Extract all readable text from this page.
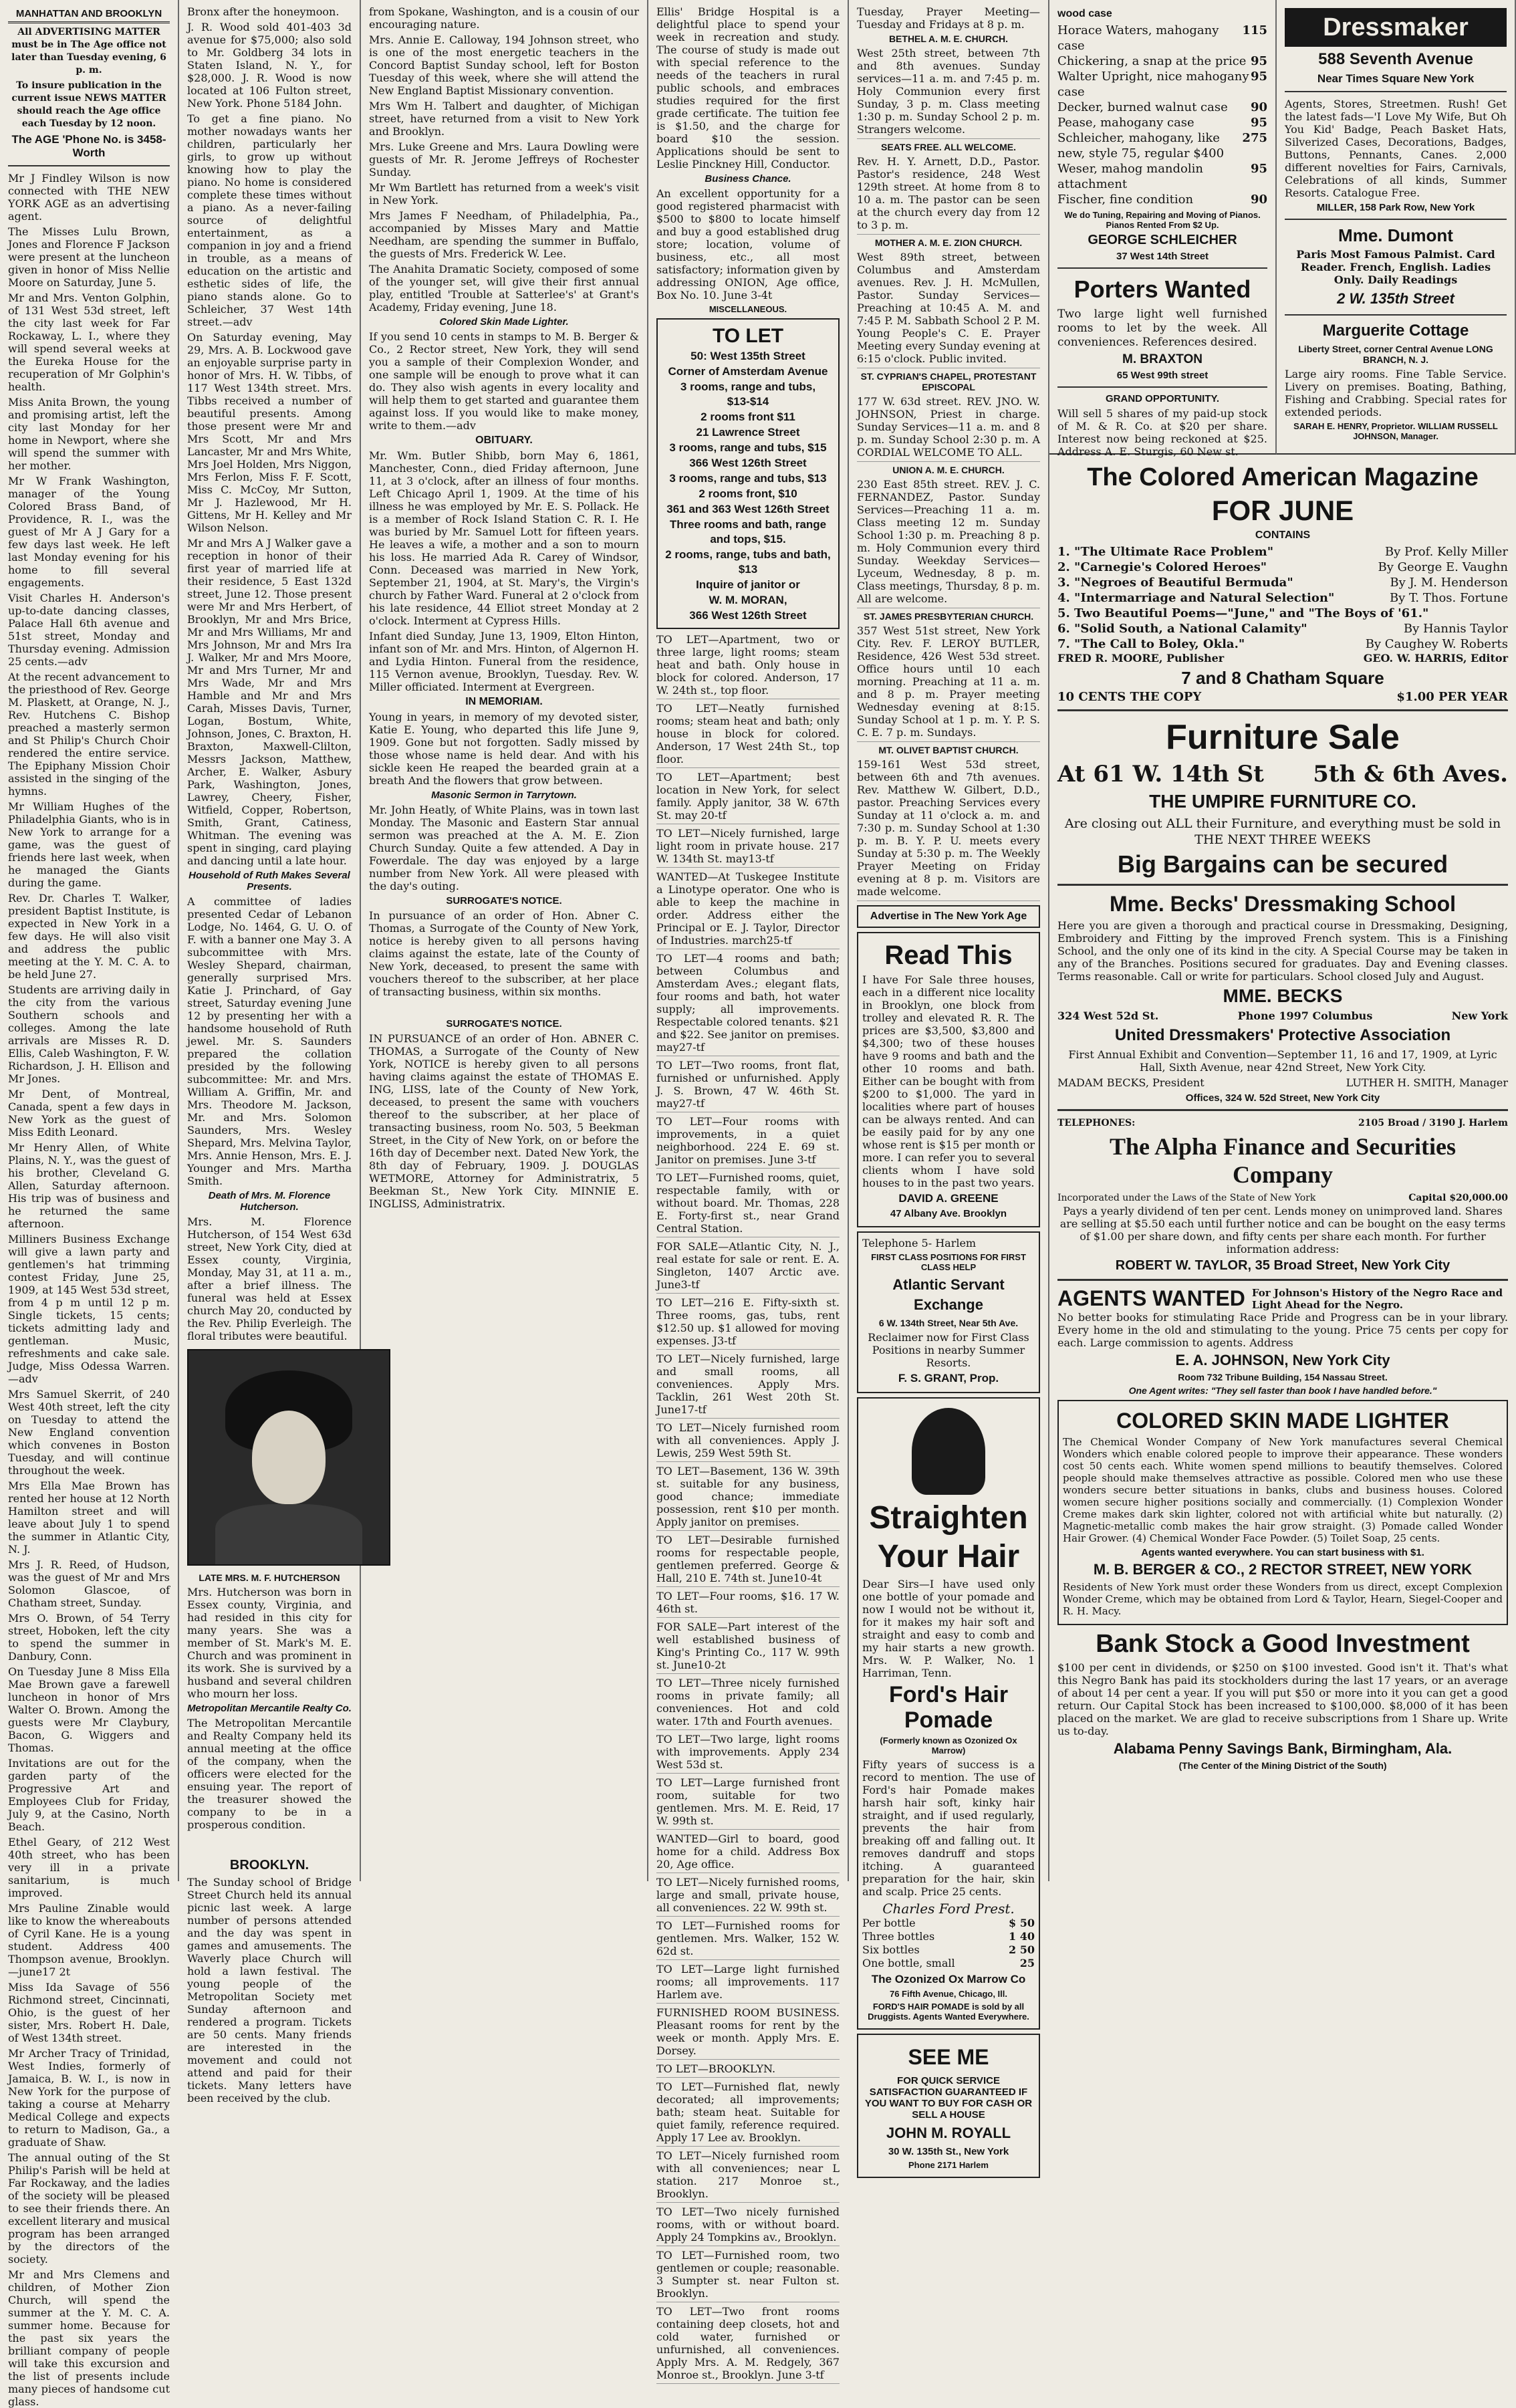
MANHATTAN AND BROOKLYN

All ADVERTISING MATTER must be in The Age office not later than Tuesday evening, 6 p. m.

To insure publication in the current issue NEWS MATTER should reach the Age office each Tuesday by 12 noon.

The AGE 'Phone No. is 3458-Worth

Mr J Findley Wilson is now connected with THE NEW YORK AGE as an advertising agent.

The Misses Lulu Brown, Jones and Florence F Jackson were present at the luncheon given in honor of Miss Nellie Moore on Saturday, June 5.

Mr and Mrs. Venton Golphin, of 131 West 53d street, left the city last week for Far Rockaway, L. I., where they will spend several weeks at the Eureka House for the recuperation of Mr Golphin's health.

Miss Anita Brown, the young and promising artist, left the city last Monday for her home in Newport, where she will spend the summer with her mother.

Mr W Frank Washington, manager of the Young Colored Brass Band, of Providence, R. I., was the guest of Mr A J Gary for a few days last week. He left last Monday evening for his home to fill several engagements.

Visit Charles H. Anderson's up-to-date dancing classes, Palace Hall 6th avenue and 51st street, Monday and Thursday evening. Admission 25 cents.—adv

At the recent advancement to the priesthood of Rev. George M. Plaskett, at Orange, N. J., Rev. Hutchens C. Bishop preached a masterly sermon and St Philip's Church Choir rendered the entire service. The Epiphany Mission Choir assisted in the singing of the hymns.

Mr William Hughes of the Philadelphia Giants, who is in New York to arrange for a game, was the guest of friends here last week, when he managed the Giants during the game.

Rev. Dr. Charles T. Walker, president Baptist Institute, is expected in New York in a few days. He will also visit and address the public meeting at the Y. M. C. A. to be held June 27.

Students are arriving daily in the city from the various Southern schools and colleges. Among the late arrivals are Misses R. D. Ellis, Caleb Washington, F. W. Richardson, J. H. Ellison and Mr Jones.

Mr Dent, of Montreal, Canada, spent a few days in New York as the guest of Miss Edith Leonard.

Mr Henry Allen, of White Plains, N. Y., was the guest of his brother, Cleveland G. Allen, Saturday afternoon. His trip was of business and he returned the same afternoon.

Milliners Business Exchange will give a lawn party and gentlemen's hat trimming contest Friday, June 25, 1909, at 145 West 53d street, from 4 p m until 12 p m. Single tickets, 15 cents; tickets admitting lady and gentleman. Music, refreshments and cake sale. Judge, Miss Odessa Warren.—adv

Mrs Samuel Skerrit, of 240 West 40th street, left the city on Tuesday to attend the New England convention which convenes in Boston Tuesday, and will continue throughout the week.

Mrs Ella Mae Brown has rented her house at 12 North Hamilton street and will leave about July 1 to spend the summer in Atlantic City, N. J.

Mrs J. R. Reed, of Hudson, was the guest of Mr and Mrs Solomon Glascoe, of Chatham street, Sunday.

Mrs O. Brown, of 54 Terry street, Hoboken, left the city to spend the summer in Danbury, Conn.

On Tuesday June 8 Miss Ella Mae Brown gave a farewell luncheon in honor of Mrs Walter O. Brown. Among the guests were Mr Claybury, Bacon, G. Wiggers and Thomas.

Invitations are out for the garden party of the Progressive Art and Employees Club for Friday, July 9, at the Casino, North Beach.

Ethel Geary, of 212 West 40th street, who has been very ill in a private sanitarium, is much improved.

Mrs Pauline Zinable would like to know the whereabouts of Cyril Kane. He is a young student. Address 400 Thompson avenue, Brooklyn.—june17 2t

Miss Ida Savage of 556 Richmond street, Cincinnati, Ohio, is the guest of her sister, Mrs. Robert H. Dale, of West 134th street.

Mr Archer Tracy of Trinidad, West Indies, formerly of Jamaica, B. W. I., is now in New York for the purpose of taking a course at Meharry Medical College and expects to return to Madison, Ga., a graduate of Shaw.

The annual outing of the St Philip's Parish will be held at Far Rockaway, and the ladies of the society will be pleased to see their friends there. An excellent literary and musical program has been arranged by the directors of the society.

Mr and Mrs Clemens and children, of Mother Zion Church, will spend the summer at the Y. M. C. A. summer home. Because for the past six years the brilliant company of people will take this excursion and the list of presents include many pieces of handsome cut glass.

Bronx after the honeymoon.

J. R. Wood sold 401-403 3d avenue for $75,000; also sold to Mr. Goldberg 34 lots in Staten Island, N. Y., for $28,000. J. R. Wood is now located at 106 Fulton street, New York. Phone 5184 John.

To get a fine piano. No mother nowadays wants her children, particularly her girls, to grow up without knowing how to play the piano. No home is considered complete these times without a piano. As a never-failing source of delightful entertainment, as a companion in joy and a friend in trouble, as a means of education on the artistic and esthetic sides of life, the piano stands alone. Go to Schleicher, 37 West 14th street.—adv

On Saturday evening, May 29, Mrs. A. B. Lockwood gave an enjoyable surprise party in honor of Mrs. H. W. Tibbs, of 117 West 134th street. Mrs. Tibbs received a number of beautiful presents. Among those present were Mr and Mrs Scott, Mr and Mrs Lancaster, Mr and Mrs White, Mrs Joel Holden, Mrs Niggon, Mrs Ferlon, Miss F. F. Scott, Miss C. McCoy, Mr Sutton, Mr J. Hazlewood, Mr H. Gittens, Mr H. Kelley and Mr Wilson Nelson.

Mr and Mrs A J Walker gave a reception in honor of their first year of married life at their residence, 5 East 132d street, June 12. Those present were Mr and Mrs Herbert, of Brooklyn, Mr and Mrs Brice, Mr and Mrs Williams, Mr and Mrs Johnson, Mr and Mrs Ira J. Walker, Mr and Mrs Moore, Mr and Mrs Turner, Mr and Mrs Wade, Mr and Mrs Hamble and Mr and Mrs Carah, Misses Davis, Turner, Logan, Bostum, White, Johnson, Jones, C. Braxton, H. Braxton, Maxwell-Clilton, Messrs Jackson, Matthew, Archer, E. Walker, Asbury Park, Washington, Jones, Lawrey, Cheery, Fisher, Witfield, Copper, Robertson, Smith, Grant, Catiness, Whitman. The evening was spent in singing, card playing and dancing until a late hour.

Household of Ruth Makes Several Presents.

A committee of ladies presented Cedar of Lebanon Lodge, No. 1464, G. U. O. of F. with a banner one May 3. A subcommittee with Mrs. Wesley Shepard, chairman, generally surprised Mrs. Katie J. Princhard, of Gay street, Saturday evening June 12 by presenting her with a handsome household of Ruth jewel. Mr. S. Saunders prepared the collation presided by the following subcommittee: Mr. and Mrs. William A. Griffin, Mr. and Mrs. Theodore M. Jackson, Mr. and Mrs. Solomon Saunders, Mrs. Wesley Shepard, Mrs. Melvina Taylor, Mrs. Annie Henson, Mrs. E. J. Younger and Mrs. Martha Smith.

Death of Mrs. M. Florence Hutcherson.

Mrs. M. Florence Hutcherson, of 154 West 63d street, New York City, died at Essex county, Virginia, Monday, May 31, at 11 a. m., after a brief illness. The funeral was held at Essex church May 20, conducted by the Rev. Philip Everleigh. The floral tributes were beautiful.

LATE MRS. M. F. HUTCHERSON

Mrs. Hutcherson was born in Essex county, Virginia, and had resided in this city for many years. She was a member of St. Mark's M. E. Church and was prominent in its work. She is survived by a husband and several children who mourn her loss.

Metropolitan Mercantile Realty Co.

The Metropolitan Mercantile and Realty Company held its annual meeting at the office of the company, when the officers were elected for the ensuing year. The report of the treasurer showed the company to be in a prosperous condition.

BROOKLYN.

The Sunday school of Bridge Street Church held its annual picnic last week. A large number of persons attended and the day was spent in games and amusements. The Waverly place Church will hold a lawn festival. The young people of the Metropolitan Society met Sunday afternoon and rendered a program. Tickets are 50 cents. Many friends are interested in the movement and could not attend and paid for their tickets. Many letters have been received by the club.

from Spokane, Washington, and is a cousin of our encouraging nature.

Mrs. Annie E. Calloway, 194 Johnson street, who is one of the most energetic teachers in the Concord Baptist Sunday school, left for Boston Tuesday of this week, where she will attend the New England Baptist Missionary convention.

Mrs Wm H. Talbert and daughter, of Michigan street, have returned from a visit to New York and Brooklyn.

Mrs. Luke Greene and Mrs. Laura Dowling were guests of Mr. R. Jerome Jeffreys of Rochester Sunday.

Mr Wm Bartlett has returned from a week's visit in New York.

Mrs James F Needham, of Philadelphia, Pa., accompanied by Misses Mary and Mattie Needham, are spending the summer in Buffalo, the guests of Mrs. Frederick W. Lee.

The Anahita Dramatic Society, composed of some of the younger set, will give their first annual play, entitled 'Trouble at Satterlee's' at Grant's Academy, Friday evening, June 18.

Colored Skin Made Lighter.

If you send 10 cents in stamps to M. B. Berger & Co., 2 Rector street, New York, they will send you a sample of their Complexion Wonder, and one sample will be enough to prove what it can do. They also wish agents in every locality and will help them to get started and guarantee them against loss. If you would like to make money, write to them.—adv

OBITUARY.

Mr. Wm. Butler Shibb, born May 6, 1861, Manchester, Conn., died Friday afternoon, June 11, at 3 o'clock, after an illness of four months. Left Chicago April 1, 1909. At the time of his illness he was employed by Mr. E. S. Pollack. He is a member of Rock Island Station C. R. I. He was buried by Mr. Samuel Lott for fifteen years. He leaves a wife, a mother and a son to mourn his loss. He married Ada R. Carey of Windsor, Conn. Deceased was married in New York, September 21, 1904, at St. Mary's, the Virgin's church by Father Ward. Funeral at 2 o'clock from his late residence, 44 Elliot street Monday at 2 o'clock. Interment at Cypress Hills.

Infant died Sunday, June 13, 1909, Elton Hinton, infant son of Mr. and Mrs. Hinton, of Algernon H. and Lydia Hinton. Funeral from the residence, 115 Vernon avenue, Brooklyn, Tuesday. Rev. W. Miller officiated. Interment at Evergreen.

IN MEMORIAM.

Young in years, in memory of my devoted sister, Katie E. Young, who departed this life June 9, 1909. Gone but not forgotten. Sadly missed by those whose name is held dear. And with his sickle keen He reaped the bearded grain at a breath And the flowers that grow between.

Masonic Sermon in Tarrytown.

Mr. John Heatly, of White Plains, was in town last Monday. The Masonic and Eastern Star annual sermon was preached at the A. M. E. Zion Church Sunday. Quite a few attended. A Day in Fowerdale. The day was enjoyed by a large number from New York. All were pleased with the day's outing.

SURROGATE'S NOTICE.

In pursuance of an order of Hon. Abner C. Thomas, a Surrogate of the County of New York, notice is hereby given to all persons having claims against the estate, late of the County of New York, deceased, to present the same with vouchers thereof to the subscriber, at her place of transacting business, within six months.

SURROGATE'S NOTICE.

IN PURSUANCE of an order of Hon. ABNER C. THOMAS, a Surrogate of the County of New York, NOTICE is hereby given to all persons having claims against the estate of THOMAS E. ING, LISS, late of the County of New York, deceased, to present the same with vouchers thereof to the subscriber, at her place of transacting business, room No. 503, 5 Beekman Street, in the City of New York, on or before the 16th day of December next. Dated New York, the 8th day of February, 1909. J. DOUGLAS WETMORE, Attorney for Administratrix, 5 Beekman St., New York City. MINNIE E. INGLISS, Administratrix.

Ellis' Bridge Hospital is a delightful place to spend your week in recreation and study. The course of study is made out with special reference to the needs of the teachers in rural public schools, and embraces studies required for the first grade certificate. The tuition fee is $1.50, and the charge for board $10 the session. Applications should be sent to Leslie Pinckney Hill, Conductor.

Business Chance.

An excellent opportunity for a good registered pharmacist with $500 to $800 to locate himself and buy a good established drug store; location, volume of business, etc., all most satisfactory; information given by addressing ONION, Age office, Box No. 10. June 3-4t

MISCELLANEOUS.
TO LET
50: West 135th Street
Corner of Amsterdam Avenue
3 rooms, range and tubs, $13-$14
2 rooms front $11
21 Lawrence Street
3 rooms, range and tubs, $15
366 West 126th Street
3 rooms, range and tubs, $13
2 rooms front, $10
361 and 363 West 126th Street
Three rooms and bath, range and tops, $15.
2 rooms, range, tubs and bath, $13
Inquire of janitor or
W. M. MORAN,
366 West 126th Street

TO LET—Apartment, two or three large, light rooms; steam heat and bath. Only house in block for colored. Anderson, 17 W. 24th st., top floor.

TO LET—Neatly furnished rooms; steam heat and bath; only house in block for colored. Anderson, 17 West 24th St., top floor.

TO LET—Apartment; best location in New York, for select family. Apply janitor, 38 W. 67th St. may 20-tf

TO LET—Nicely furnished, large light room in private house. 217 W. 134th St. may13-tf

WANTED—At Tuskegee Institute a Linotype operator. One who is able to keep the machine in order. Address either the Principal or E. J. Taylor, Director of Industries. march25-tf

TO LET—4 rooms and bath; between Columbus and Amsterdam Aves.; elegant flats, four rooms and bath, hot water supply; all improvements. Respectable colored tenants. $21 and $22. See janitor on premises. may27-tf

TO LET—Two rooms, front flat, furnished or unfurnished. Apply J. S. Brown, 47 W. 46th St. may27-tf

TO LET—Four rooms with improvements, in a quiet neighborhood. 224 E. 69 st. Janitor on premises. June 3-tf

TO LET—Furnished rooms, quiet, respectable family, with or without board. Mr. Thomas, 228 E. Forty-first st., near Grand Central Station.

FOR SALE—Atlantic City, N. J., real estate for sale or rent. E. A. Singleton, 1407 Arctic ave. June3-tf

TO LET—216 E. Fifty-sixth st. Three rooms, gas, tubs, rent $12.50 up. $1 allowed for moving expenses. J3-tf

TO LET—Nicely furnished, large and small rooms, all conveniences. Apply Mrs. Tacklin, 261 West 20th St. June17-tf

TO LET—Nicely furnished room with all conveniences. Apply J. Lewis, 259 West 59th St.

TO LET—Basement, 136 W. 39th st. suitable for any business, good chance; immediate possession, rent $10 per month. Apply janitor on premises.

TO LET—Desirable furnished rooms for respectable people, gentlemen preferred. George & Hall, 210 E. 74th st. June10-4t

TO LET—Four rooms, $16. 17 W. 46th st.

FOR SALE—Part interest of the well established business of King's Printing Co., 117 W. 99th st. June10-2t

TO LET—Three nicely furnished rooms in private family; all conveniences. Hot and cold water. 17th and Fourth avenues.

TO LET—Two large, light rooms with improvements. Apply 234 West 53d st.

TO LET—Large furnished front room, suitable for two gentlemen. Mrs. M. E. Reid, 17 W. 99th st.

WANTED—Girl to board, good home for a child. Address Box 20, Age office.

TO LET—Nicely furnished rooms, large and small, private house, all conveniences. 22 W. 99th st.

TO LET—Furnished rooms for gentlemen. Mrs. Walker, 152 W. 62d st.

TO LET—Large light furnished rooms; all improvements. 117 Harlem ave.

FURNISHED ROOM BUSINESS. Pleasant rooms for rent by the week or month. Apply Mrs. E. Dorsey.

TO LET—BROOKLYN.

TO LET—Furnished flat, newly decorated; all improvements; bath; steam heat. Suitable for quiet family, reference required. Apply 17 Lee av. Brooklyn.

TO LET—Nicely furnished room with all conveniences; near L station. 217 Monroe st., Brooklyn.

TO LET—Two nicely furnished rooms, with or without board. Apply 24 Tompkins av., Brooklyn.

TO LET—Furnished room, two gentlemen or couple; reasonable. 3 Sumpter st. near Fulton st. Brooklyn.

TO LET—Two front rooms containing deep closets, hot and cold water, furnished or unfurnished, all conveniences. Apply Mrs. A. M. Redgely, 367 Monroe st., Brooklyn. June 3-tf

Tuesday, Prayer Meeting—Tuesday and Fridays at 8 p. m.

BETHEL A. M. E. CHURCH.

West 25th street, between 7th and 8th avenues. Sunday services—11 a. m. and 7:45 p. m. Holy Communion every first Sunday, 3 p. m. Class meeting 1:30 p. m. Sunday School 2 p. m. Strangers welcome.

SEATS FREE. ALL WELCOME.

Rev. H. Y. Arnett, D.D., Pastor. Pastor's residence, 248 West 129th street. At home from 8 to 10 a. m. The pastor can be seen at the church every day from 12 to 3 p. m.

MOTHER A. M. E. ZION CHURCH.

West 89th street, between Columbus and Amsterdam avenues. Rev. J. H. McMullen, Pastor. Sunday Services—Preaching at 10:45 A. M. and 7:45 P. M. Sabbath School 2 P. M. Young People's C. E. Prayer Meeting every Sunday evening at 6:15 o'clock. Public invited.

ST. CYPRIAN'S CHAPEL, PROTESTANT EPISCOPAL

177 W. 63d street. REV. JNO. W. JOHNSON, Priest in charge. Sunday Services—11 a. m. and 8 p. m. Sunday School 2:30 p. m. A CORDIAL WELCOME TO ALL.

UNION A. M. E. CHURCH.

230 East 85th street. REV. J. C. FERNANDEZ, Pastor. Sunday Services—Preaching 11 a. m. Class meeting 12 m. Sunday School 1:30 p. m. Preaching 8 p. m. Holy Communion every third Sunday. Weekday Services—Lyceum, Wednesday, 8 p. m. Class meetings, Thursday, 8 p. m. All are welcome.

ST. JAMES PRESBYTERIAN CHURCH.

357 West 51st street, New York City. Rev. F. LEROY BUTLER, Residence, 426 West 53d street. Office hours until 10 each morning. Preaching at 11 a. m. and 8 p. m. Prayer meeting Wednesday evening at 8:15. Sunday School at 1 p. m. Y. P. S. C. E. 7 p. m. Sundays.

MT. OLIVET BAPTIST CHURCH.

159-161 West 53d street, between 6th and 7th avenues. Rev. Matthew W. Gilbert, D.D., pastor. Preaching Services every Sunday at 11 o'clock a. m. and 7:30 p. m. Sunday School at 1:30 p. m. B. Y. P. U. meets every Sunday at 5:30 p. m. The Weekly Prayer Meeting on Friday evening at 8 p. m. Visitors are made welcome.

Advertise in The New York Age
Read This

I have For Sale three houses, each in a different nice locality in Brooklyn, one block from trolley and elevated R. R. The prices are $3,500, $3,800 and $4,300; two of these houses have 9 rooms and bath and the other 10 rooms and bath. Either can be bought with from $200 to $1,000. The yard in localities where part of houses can be always rented. And can be easily paid for by any one whose rent is $15 per month or more. I can refer you to several clients whom I have sold houses to in the past two years.

DAVID A. GREENE
47 Albany Ave. Brooklyn
Telephone 5- Harlem
FIRST CLASS POSITIONS FOR FIRST CLASS HELP
Atlantic Servant Exchange
6 W. 134th Street, Near 5th Ave.

Reclaimer now for First Class Positions in nearby Summer Resorts.

F. S. GRANT, Prop.
Straighten
Your Hair

Dear Sirs—I have used only one bottle of your pomade and now I would not be without it, for it makes my hair soft and straight and easy to comb and my hair starts a new growth. Mrs. W. P. Walker, No. 1 Harriman, Tenn.

Ford's Hair Pomade
(Formerly known as Ozonized Ox Marrow)

Fifty years of success is a record to mention. The use of Ford's hair Pomade makes harsh hair soft, kinky hair straight, and if used regularly, prevents the hair from breaking off and falling out. It removes dandruff and stops itching. A guaranteed preparation for the hair, skin and scalp. Price 25 cents.

Charles Ford Prest.
Per bottle	$ 50
Three bottles	1 40
Six bottles	2 50
One bottle, small	25
The Ozonized Ox Marrow Co
76 Fifth Avenue, Chicago, Ill.
FORD'S HAIR POMADE is sold by all Druggists. Agents Wanted Everywhere.
SEE ME
FOR QUICK SERVICE SATISFACTION GUARANTEED IF YOU WANT TO BUY FOR CASH OR SELL A HOUSE
JOHN M. ROYALL
30 W. 135th St., New York
Phone 2171 Harlem
wood case
Horace Waters, mahogany case
115
Chickering, a snap at the price 95
Walter Upright, nice mahogany case
95
Decker, burned walnut case 90
Pease, mahogany case	95
Schleicher, mahogany, like new, style 75, regular $400
275
Weser, mahog mandolin attachment
95
Fischer, fine condition	90
We do Tuning, Repairing and Moving of Pianos. Pianos Rented From $2 Up.
GEORGE SCHLEICHER
37 West 14th Street
Porters Wanted

Two large light well furnished rooms to let by the week. All conveniences. References desired.

M. BRAXTON
65 West 99th street
GRAND OPPORTUNITY.

Will sell 5 shares of my paid-up stock of M. & R. Co. at $20 per share. Interest now being reckoned at $25. Address A. E. Sturgis, 60 New st.

Dressmaker
588 Seventh Avenue
Near Times Square New York

Agents, Stores, Streetmen. Rush! Get the latest fads—'I Love My Wife, But Oh You Kid' Badge, Peach Basket Hats, Silverized Cases, Decorations, Badges, Buttons, Pennants, Canes. 2,000 different novelties for Fairs, Carnivals, Celebrations of all kinds, Summer Resorts. Catalogue Free.

MILLER, 158 Park Row, New York
Mme. Dumont

Paris Most Famous Palmist. Card Reader. French, English. Ladies Only. Daily Readings

2 W. 135th Street
Marguerite Cottage
Liberty Street, corner Central Avenue LONG BRANCH, N. J.

Large airy rooms. Fine Table Service. Livery on premises. Boating, Bathing, Fishing and Crabbing. Special rates for extended periods.

SARAH E. HENRY, Proprietor. WILLIAM RUSSELL JOHNSON, Manager.
The Colored American Magazine
FOR JUNE
CONTAINS
1. "The Ultimate Race Problem"	By Prof. Kelly Miller
2. "Carnegie's Colored Heroes"	By George E. Vaughn
3. "Negroes of Beautiful Bermuda"	By J. M. Henderson
4. "Intermarriage and Natural Selection"	By T. Thos. Fortune
5. Two Beautiful Poems—"June," and "The Boys of '61."
6. "Solid South, a National Calamity"	By Hannis Taylor
7. "The Call to Boley, Okla."	By Caughey W. Roberts
FRED R. MOORE, Publisher	GEO. W. HARRIS, Editor
7 and 8 Chatham Square
10 CENTS THE COPY	$1.00 PER YEAR
Furniture Sale
At 61 W. 14th St 5th & 6th Aves.
THE UMPIRE FURNITURE CO.

Are closing out ALL their Furniture, and everything must be sold in THE NEXT THREE WEEKS

Big Bargains can be secured
Mme. Becks' Dressmaking School

Here you are given a thorough and practical course in Dressmaking, Designing, Embroidery and Fitting by the improved French system. This is a Finishing School, and the only one of its kind in the city. A Special Course may be taken in any of the Branches. Positions secured for graduates. Day and Evening classes. Terms reasonable. Call or write for particulars. School closed July and August.

MME. BECKS
324 West 52d St.	Phone 1997 Columbus	New York
United Dressmakers' Protective Association

First Annual Exhibit and Convention—September 11, 16 and 17, 1909, at Lyric Hall, Sixth Avenue, near 42nd Street, New York City.

MADAM BECKS, President	LUTHER H. SMITH, Manager
Offices, 324 W. 52d Street, New York City
TELEPHONES:	2105 Broad / 3190 J. Harlem
The Alpha Finance and Securities Company
Incorporated under the Laws of the State of New York	Capital $20,000.00

Pays a yearly dividend of ten per cent. Lends money on unimproved land. Shares are selling at $5.50 each until further notice and can be bought on the easy terms of $1.00 per share down, and fifty cents per share each month. For further information address:

ROBERT W. TAYLOR, 35 Broad Street, New York City
AGENTS WANTED For Johnson's History of the Negro Race and Light Ahead for the Negro.

No better books for stimulating Race Pride and Progress can be in your library. Every home in the old and stimulating to the young. Price 75 cents per copy for each. Large commission to agents. Address

E. A. JOHNSON, New York City
Room 732 Tribune Building, 154 Nassau Street.
One Agent writes: "They sell faster than book I have handled before."
COLORED SKIN MADE LIGHTER

The Chemical Wonder Company of New York manufactures several Chemical Wonders which enable colored people to improve their appearance. These wonders cost 50 cents each. White women spend millions to beautify themselves. Colored people should make themselves attractive as possible. Colored men who use these wonders secure better situations in banks, clubs and business houses. Colored women secure higher positions socially and commercially. (1) Complexion Wonder Creme makes dark skin lighter, colored not with artificial white but naturally. (2) Magnetic-metallic comb makes the hair grow straight. (3) Pomade called Wonder Hair Grower. (4) Chemical Wonder Face Powder. (5) Toilet Soap, 25 cents.

Agents wanted everywhere. You can start business with $1.
M. B. BERGER & CO., 2 RECTOR STREET, NEW YORK

Residents of New York must order these Wonders from us direct, except Complexion Wonder Creme, which may be obtained from Lord & Taylor, Hearn, Siegel-Cooper and R. H. Macy.

Bank Stock a Good Investment

$100 per cent in dividends, or $250 on $100 invested. Good isn't it. That's what this Negro Bank has paid its stockholders during the last 17 years, or an average of about 14 per cent a year. If you will put $50 or more into it you can get a good return. Our Capital Stock has been increased to $100,000. $8,000 of it has been placed on the market. We are glad to receive subscriptions from 1 Share up. Write us to-day.

Alabama Penny Savings Bank, Birmingham, Ala.
(The Center of the Mining District of the South)
